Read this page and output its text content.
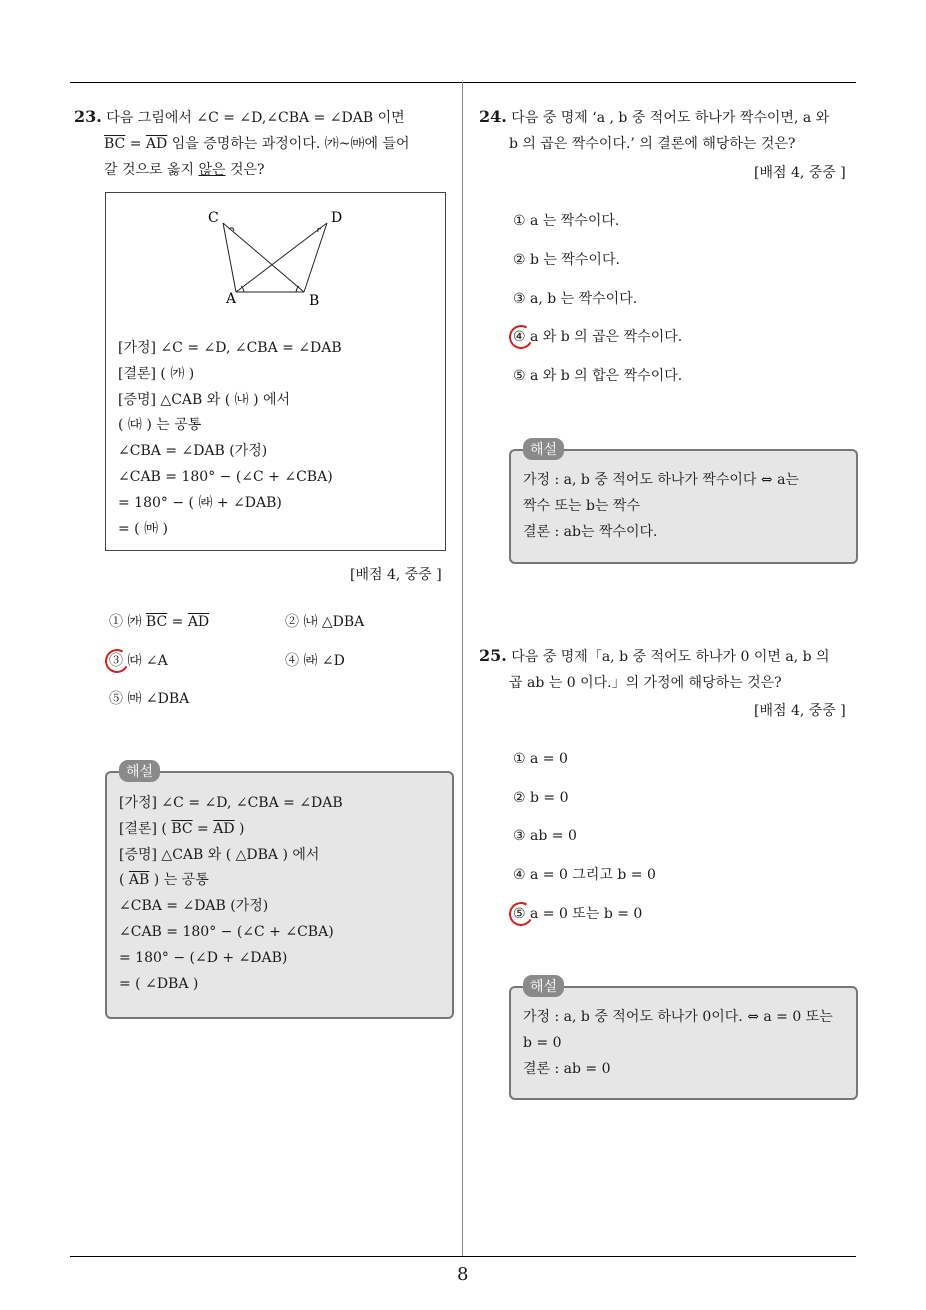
23. 다음 그림에서 ∠C = ∠D,∠CBA = ∠DAB 이면
$\overline{BC} = \overline{AD}$ 임을 증명하는 과정이다. ㈎~㈒에 들어
갈 것으로 옳지 않은 것은?
C	D
A	B
[가정] ∠C = ∠D, ∠CBA = ∠DAB
[결론] ( ㈎ )
[증명] △CAB 와 ( ㈏ ) 에서
( ㈐ ) 는 공통
∠CBA = ∠DAB (가정)
∠CAB = 180° − (∠C + ∠CBA)
= 180° − ( ㈑ + ∠DAB)
= ( ㈒ )
[배점 4, 중중 ]
① ㈎ $\overline{BC} = \overline{AD}$	② ㈏ △DBA
③ ㈐ ∠A	④ ㈑ ∠D
⑤ ㈒ ∠DBA
해설
[가정] ∠C = ∠D, ∠CBA = ∠DAB
[결론] ( $\overline{BC} = \overline{AD}$ )
[증명] △CAB 와 ( △DBA ) 에서
( $\overline{AB}$ ) 는 공통
∠CBA = ∠DAB (가정)
∠CAB = 180° − (∠C + ∠CBA)
= 180° − (∠D + ∠DAB)
= ( ∠DBA )
24. 다음 중 명제 ‘a , b 중 적어도 하나가 짝수이면, a 와
b 의 곱은 짝수이다.’ 의 결론에 해당하는 것은?
[배점 4, 중중 ]
① a 는 짝수이다.
② b 는 짝수이다.
③ a, b 는 짝수이다.
④ a 와 b 의 곱은 짝수이다.
⑤ a 와 b 의 합은 짝수이다.
해설
가정 : a, b 중 적어도 하나가 짝수이다 ⇔ a는
짝수 또는 b는 짝수
결론 : ab는 짝수이다.
25. 다음 중 명제「a, b 중 적어도 하나가 0 이면 a, b 의
곱 ab 는 0 이다.」의 가정에 해당하는 것은?
[배점 4, 중중 ]
① a = 0
② b = 0
③ ab = 0
④ a = 0 그리고 b = 0
⑤ a = 0 또는 b = 0
해설
가정 : a, b 중 적어도 하나가 0이다. ⇔ a = 0 또는
b = 0
결론 : ab = 0
8
